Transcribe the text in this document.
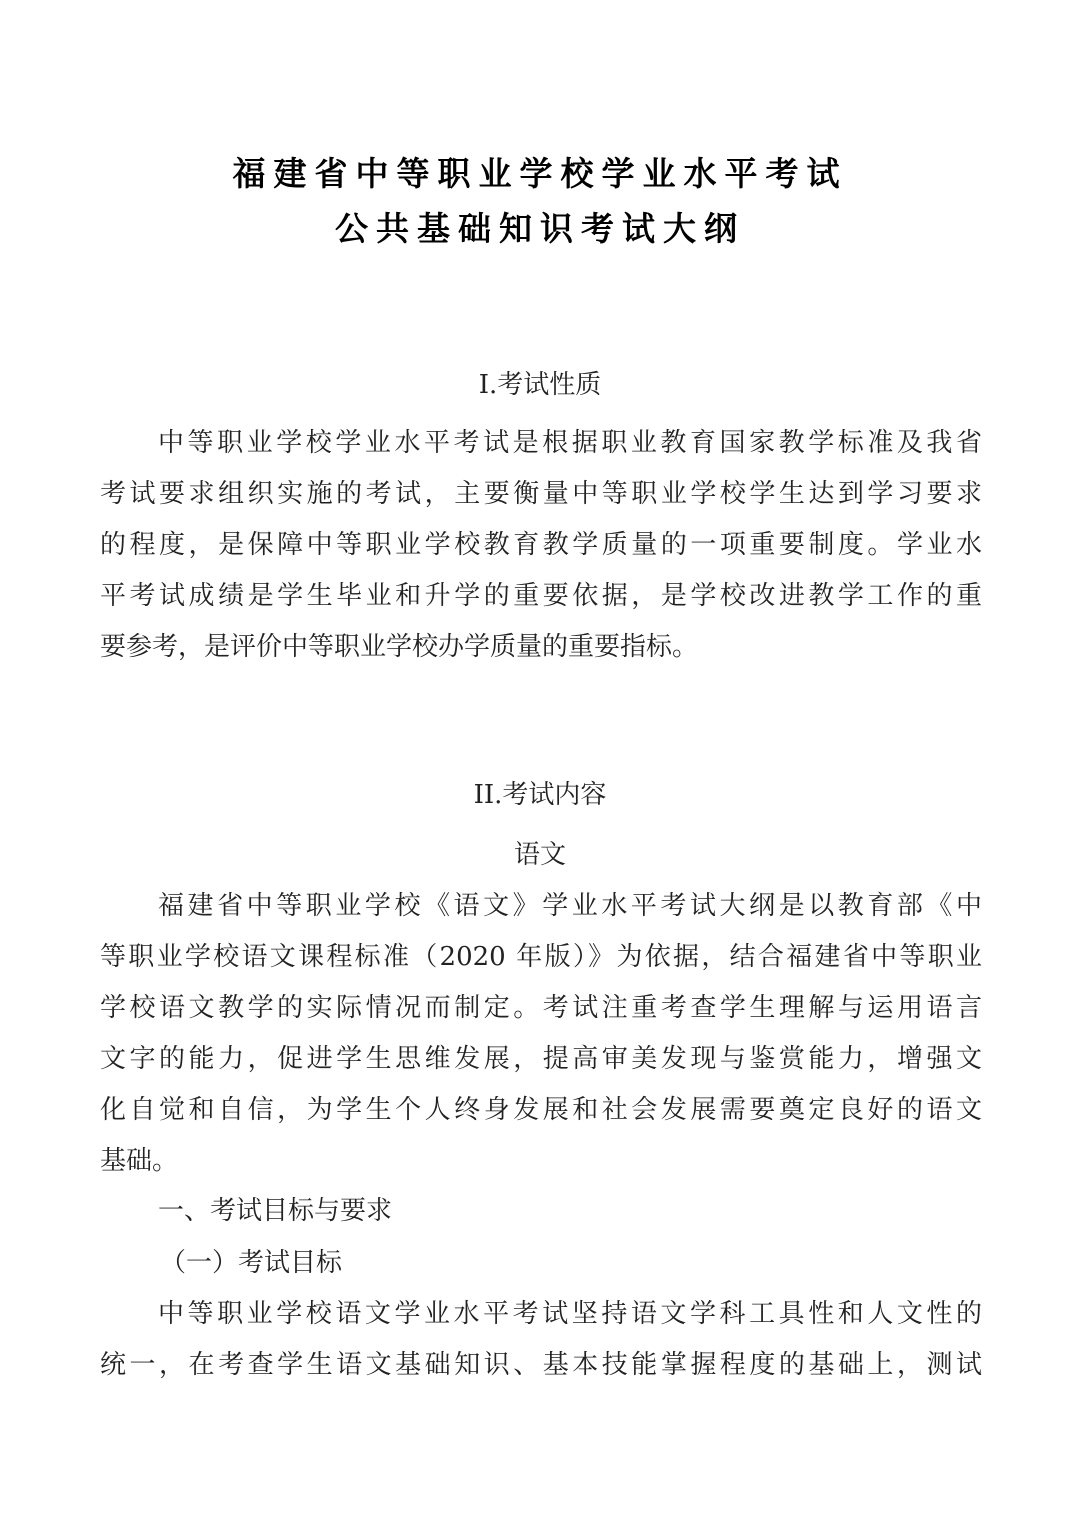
福建省中等职业学校学业水平考试
公共基础知识考试大纲
I.考试性质
中等职业学校学业水平考试是根据职业教育国家教学标准及我省
考试要求组织实施的考试，主要衡量中等职业学校学生达到学习要求
的程度，是保障中等职业学校教育教学质量的一项重要制度。学业水
平考试成绩是学生毕业和升学的重要依据，是学校改进教学工作的重
要参考，是评价中等职业学校办学质量的重要指标。
II.考试内容
语文
福建省中等职业学校《语文》学业水平考试大纲是以教育部《中
等职业学校语文课程标准（2020 年版）》为依据，结合福建省中等职业
学校语文教学的实际情况而制定。考试注重考查学生理解与运用语言
文字的能力，促进学生思维发展，提高审美发现与鉴赏能力，增强文
化自觉和自信，为学生个人终身发展和社会发展需要奠定良好的语文
基础。
一、考试目标与要求
（一）考试目标
中等职业学校语文学业水平考试坚持语文学科工具性和人文性的
统一，在考查学生语文基础知识、基本技能掌握程度的基础上，测试
